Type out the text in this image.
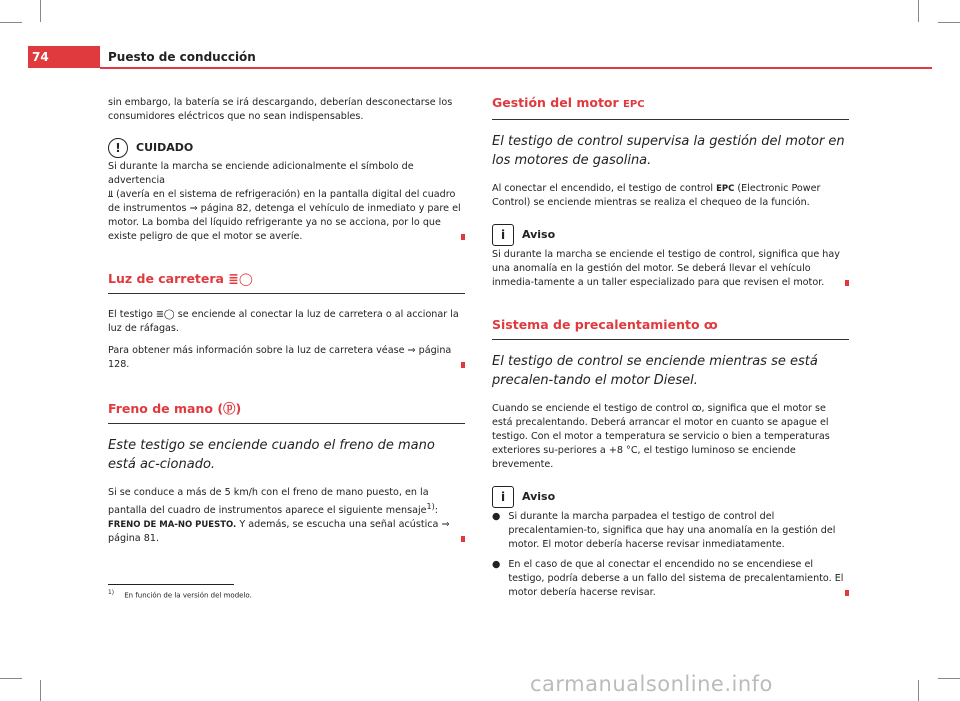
74	Puesto de conducción

sin embargo, la batería se irá descargando, deberían desconectarse los consumidores eléctricos que no sean indispensables.

!	CUIDADO

Si durante la marcha se enciende adicionalmente el símbolo de advertencia
⫫ (avería en el sistema de refrigeración) en la pantalla digital del cuadro de instrumentos ⇒ página 82, detenga el vehículo de inmediato y pare el motor. La bomba del líquido refrigerante ya no se acciona, por lo que existe peligro de que el motor se averíe.

Luz de carretera ≣◯

El testigo ≣◯ se enciende al conectar la luz de carretera o al accionar la luz de ráfagas.

Para obtener más información sobre la luz de carretera véase ⇒ página 128.

Freno de mano (ⓟ)

Este testigo se enciende cuando el freno de mano está ac-cionado.

Si se conduce a más de 5 km/h con el freno de mano puesto, en la pantalla del cuadro de instrumentos aparece el siguiente mensaje$^{1)}$: FRENO DE MA-NO PUESTO. Y además, se escucha una señal acústica ⇒ página 81.

Gestión del motor EPC

El testigo de control supervisa la gestión del motor en los motores de gasolina.

Al conectar el encendido, el testigo de control EPC (Electronic Power Control) se enciende mientras se realiza el chequeo de la función.

i	Aviso

Si durante la marcha se enciende el testigo de control, significa que hay una anomalía en la gestión del motor. Se deberá llevar el vehículo inmedia-tamente a un taller especializado para que revisen el motor.

Sistema de precalentamiento ꝏ

El testigo de control se enciende mientras se está precalen-tando el motor Diesel.

Cuando se enciende el testigo de control ꝏ, significa que el motor se está precalentando. Deberá arrancar el motor en cuanto se apague el testigo. Con el motor a temperatura se servicio o bien a temperaturas exteriores su-periores a +8 °C, el testigo luminoso se enciende brevemente.

i	Aviso
● Si durante la marcha parpadea el testigo de control del precalentamien-to, significa que hay una anomalía en la gestión del motor. El motor debería hacerse revisar inmediatamente.
● En el caso de que al conectar el encendido no se encendiese el testigo, podría deberse a un fallo del sistema de precalentamiento. El motor debería hacerse revisar.
$^{1)}$ En función de la versión del modelo.
carmanualsonline.info
